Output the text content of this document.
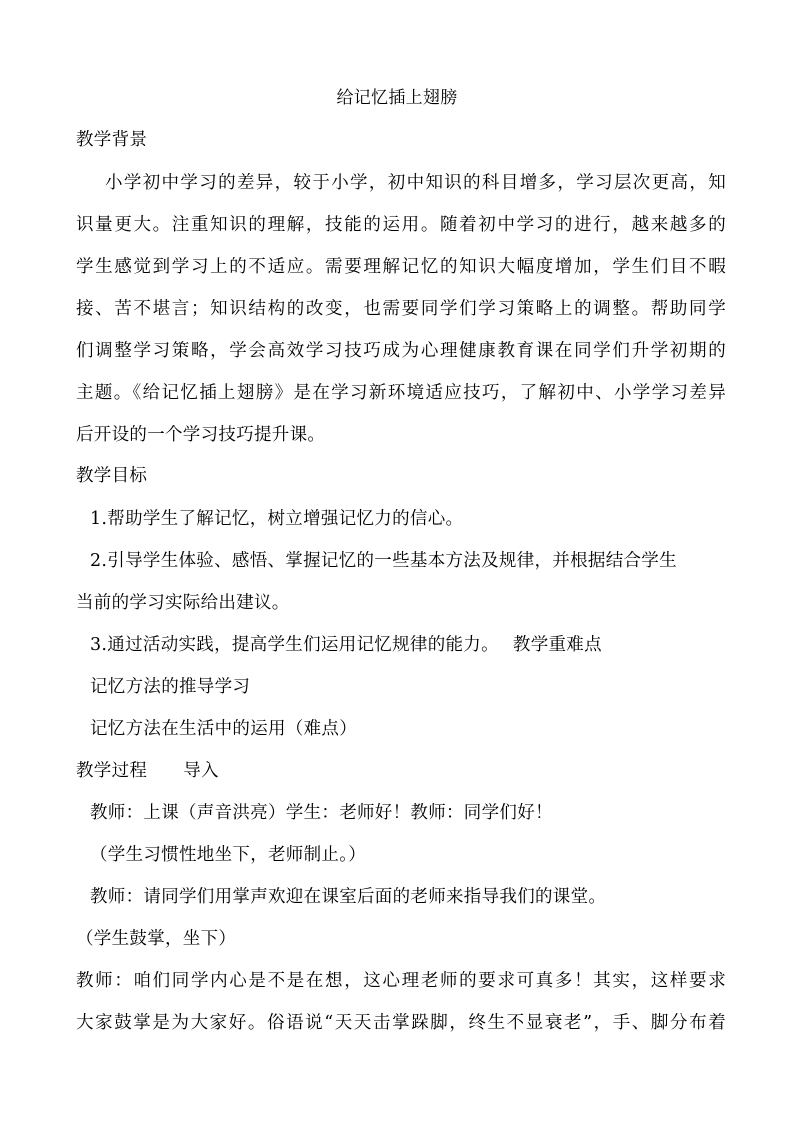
给记忆插上翅膀
教学背景
小学初中学习的差异，较于小学，初中知识的科目增多，学习层次更高，知
识量更大。注重知识的理解，技能的运用。随着初中学习的进行，越来越多的
学生感觉到学习上的不适应。需要理解记忆的知识大幅度增加，学生们目不暇
接、苦不堪言；知识结构的改变，也需要同学们学习策略上的调整。帮助同学
们调整学习策略，学会高效学习技巧成为心理健康教育课在同学们升学初期的
主题。《给记忆插上翅膀》是在学习新环境适应技巧，了解初中、小学学习差异
后开设的一个学习技巧提升课。
教学目标
1.帮助学生了解记忆，树立增强记忆力的信心。
2.引导学生体验、感悟、掌握记忆的一些基本方法及规律，并根据结合学生
当前的学习实际给出建议。
3.通过活动实践，提高学生们运用记忆规律的能力。 教学重难点
记忆方法的推导学习
记忆方法在生活中的运用（难点）
教学过程 导入
教师：上课（声音洪亮）学生：老师好！教师：同学们好！
（学生习惯性地坐下，老师制止。）
教师：请同学们用掌声欢迎在课室后面的老师来指导我们的课堂。
（学生鼓掌，坐下）
教师：咱们同学内心是不是在想，这心理老师的要求可真多！其实，这样要求
大家鼓掌是为大家好。俗语说“天天击掌跺脚，终生不显衰老”，手、脚分布着
